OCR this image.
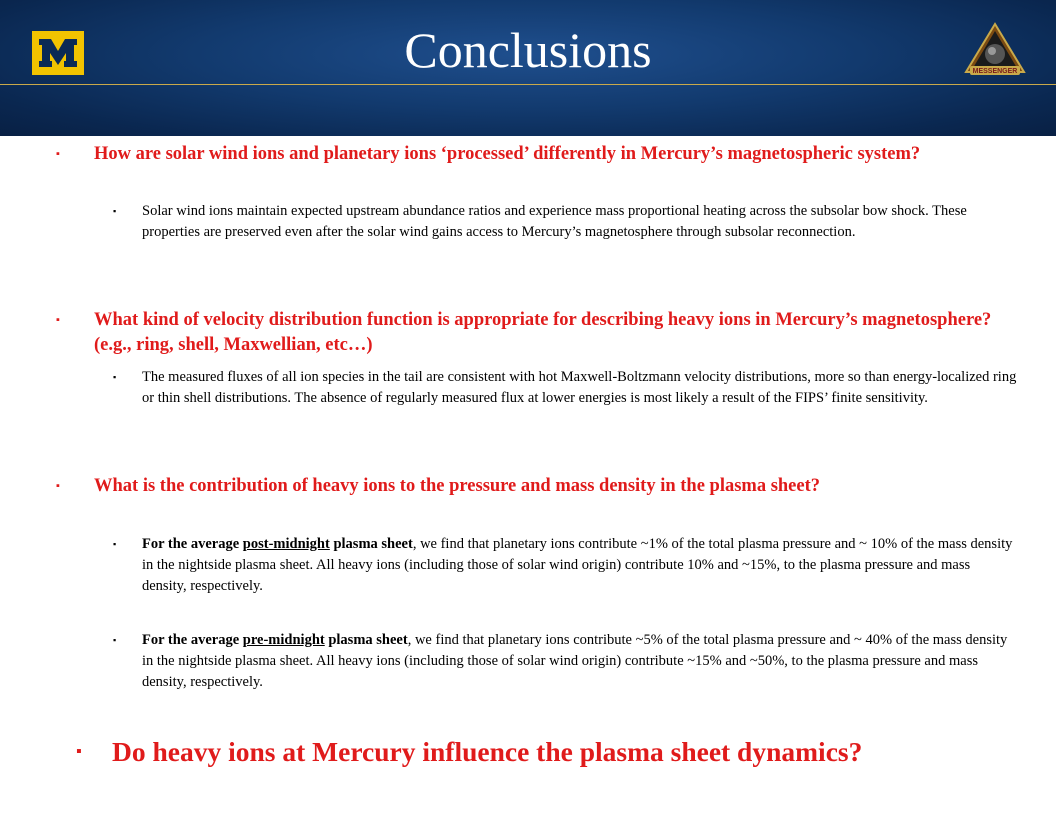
Conclusions	MESSENGER
▪ How are solar wind ions and planetary ions ‘processed’ differently in Mercury’s magnetospheric system?
▪ Solar wind ions maintain expected upstream abundance ratios and experience mass proportional heating across the subsolar bow shock. These properties are preserved even after the solar wind gains access to Mercury’s magnetosphere through subsolar reconnection.
▪ What kind of velocity distribution function is appropriate for describing heavy ions in Mercury’s magnetosphere? (e.g., ring, shell, Maxwellian, etc…)
▪ The measured fluxes of all ion species in the tail are consistent with hot Maxwell-Boltzmann velocity distributions, more so than energy-localized ring or thin shell distributions. The absence of regularly measured flux at lower energies is most likely a result of the FIPS’ finite sensitivity.
▪ What is the contribution of heavy ions to the pressure and mass density in the plasma sheet?
▪ For the average post-midnight plasma sheet, we find that planetary ions contribute ~1% of the total plasma pressure and ~ 10% of the mass density in the nightside plasma sheet. All heavy ions (including those of solar wind origin) contribute 10% and ~15%, to the plasma pressure and mass density, respectively.
▪ For the average pre-midnight plasma sheet, we find that planetary ions contribute ~5% of the total plasma pressure and ~ 40% of the mass density in the nightside plasma sheet. All heavy ions (including those of solar wind origin) contribute ~15% and ~50%, to the plasma pressure and mass density, respectively.
▪ Do heavy ions at Mercury influence the plasma sheet dynamics?
